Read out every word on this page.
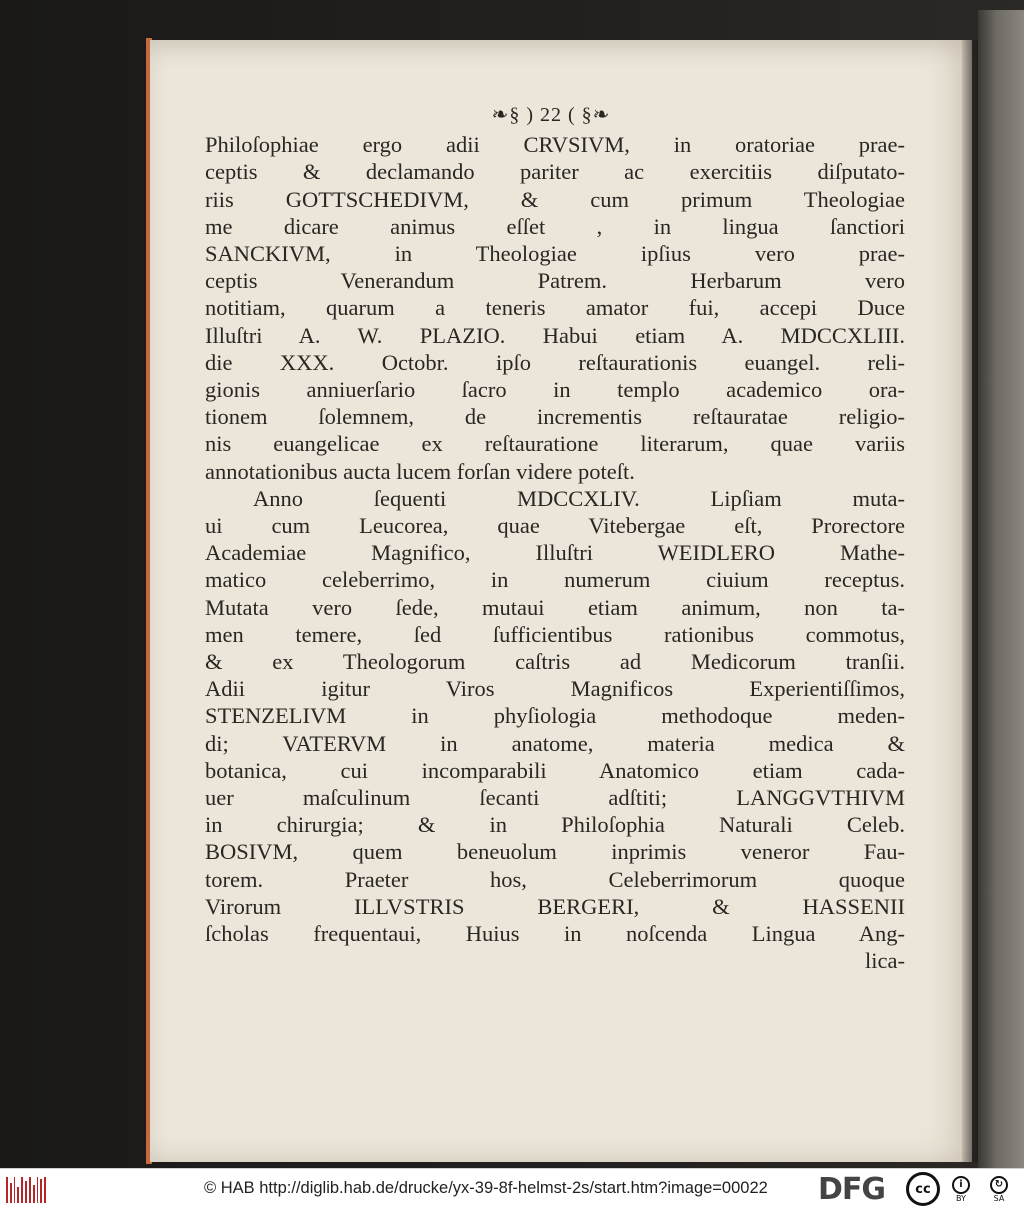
❧§ ) 22 ( §❧
Philoſophiae ergo adii CRVSIVM, in oratoriae prae-
ceptis & declamando pariter ac exercitiis diſputato-
riis GOTTSCHEDIVM, & cum primum Theologiae
me dicare animus eſſet , in lingua ſanctiori
SANCKIVM, in Theologiae ipſius vero prae-
ceptis Venerandum Patrem. Herbarum vero
notitiam, quarum a teneris amator fui, accepi Duce
Illuſtri A. W. PLAZIO. Habui etiam A. MDCCXLIII.
die XXX. Octobr. ipſo reſtaurationis euangel. reli-
gionis anniuerſario ſacro in templo academico ora-
tionem ſolemnem, de incrementis reſtauratae religio-
nis euangelicae ex reſtauratione literarum, quae variis
annotationibus aucta lucem forſan videre poteſt.
Anno ſequenti MDCCXLIV. Lipſiam muta-
ui cum Leucorea, quae Vitebergae eſt, Prorectore
Academiae Magnifico, Illuſtri WEIDLERO Mathe-
matico celeberrimo, in numerum ciuium receptus.
Mutata vero ſede, mutaui etiam animum, non ta-
men temere, ſed ſufficientibus rationibus commotus,
& ex Theologorum caſtris ad Medicorum tranſii.
Adii igitur Viros Magnificos Experientiſſimos,
STENZELIVM in phyſiologia methodoque meden-
di; VATERVM in anatome, materia medica &
botanica, cui incomparabili Anatomico etiam cada-
uer maſculinum ſecanti adſtiti; LANGGVTHIVM
in chirurgia; & in Philoſophia Naturali Celeb.
BOSIVM, quem beneuolum inprimis veneror Fau-
torem. Praeter hos, Celeberrimorum quoque
Virorum ILLVSTRIS BERGERI, & HASSENII
ſcholas frequentaui, Huius in noſcenda Lingua Ang-
lica-
© HAB http://diglib.hab.de/drucke/yx-39-8f-helmst-2s/start.htm?image=00022 DFG	cc	i
BY
↻
SA
